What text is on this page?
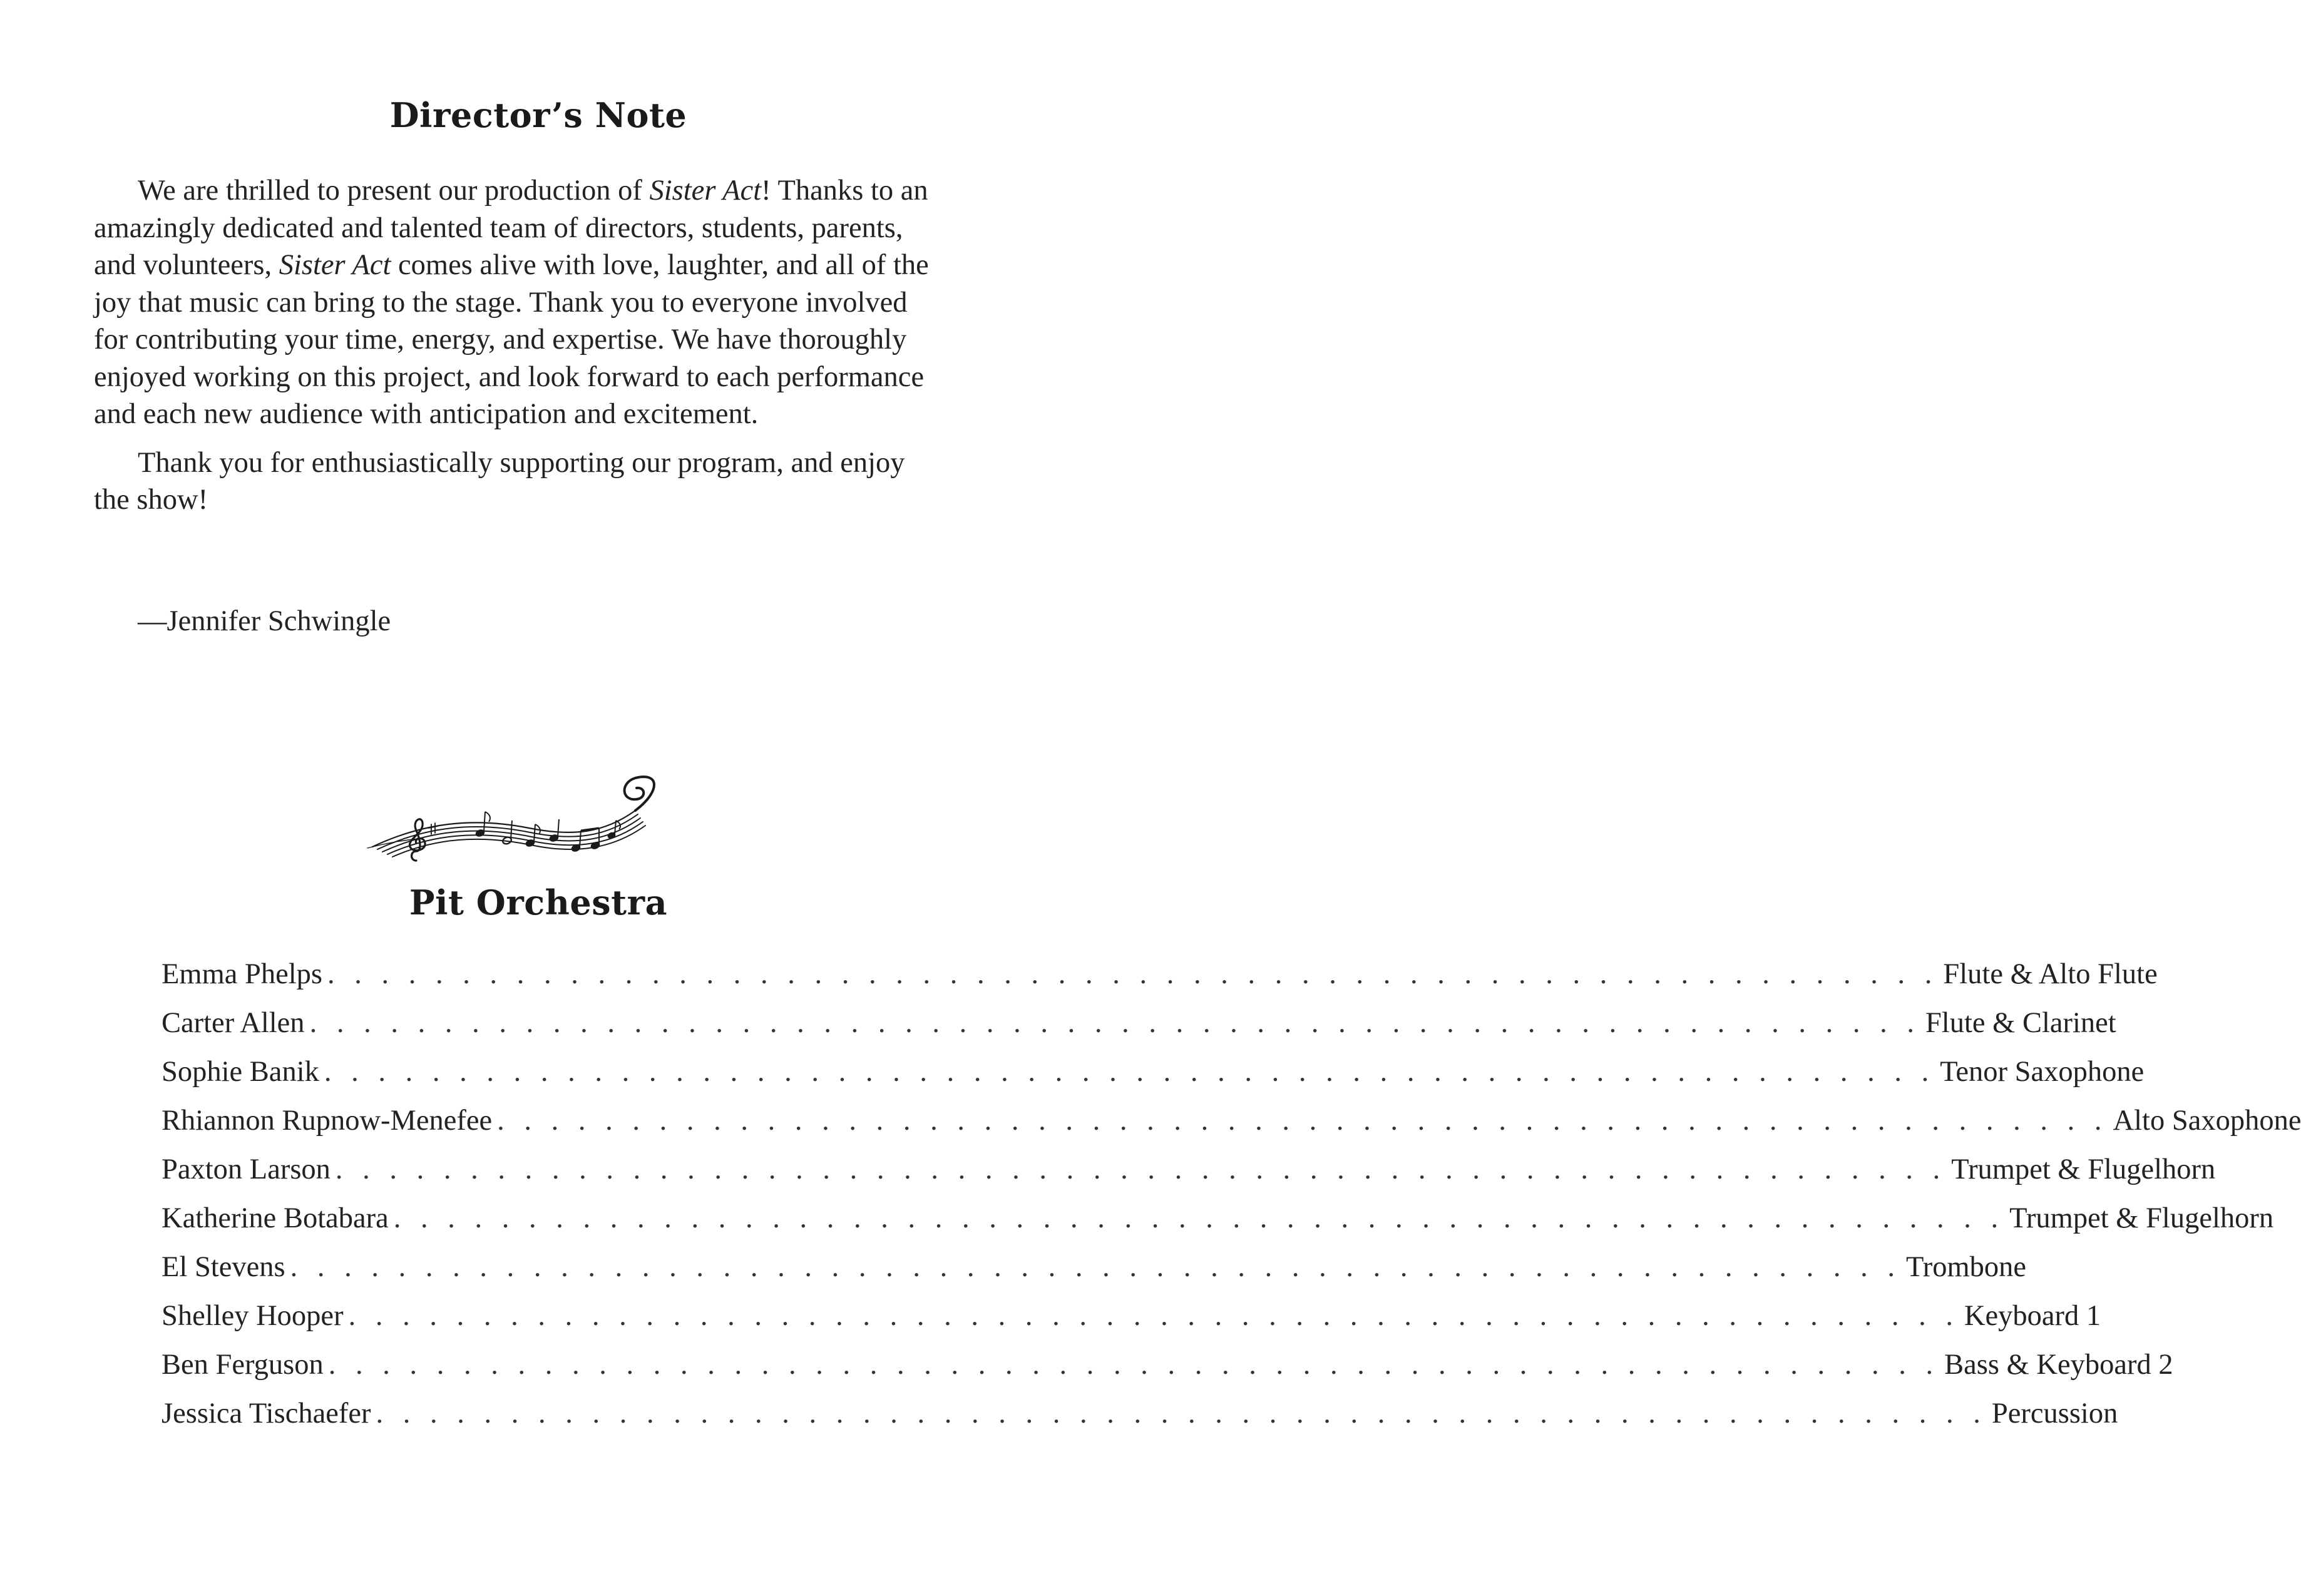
Director’s Note

We are thrilled to present our production of Sister Act! Thanks to an amazingly dedicated and talented team of directors, students, parents, and volunteers, Sister Act comes alive with love, laughter, and all of the joy that music can bring to the stage. Thank you to everyone involved for contributing your time, energy, and expertise. We have thoroughly enjoyed working on this project, and look forward to each performance and each new audience with anticipation and excitement.

Thank you for enthusiastically supporting our program, and enjoy the show!

—Jennifer Schwingle
Pit Orchestra
Emma Phelps . . . . . . . . . . . . . . . . . . . . . . . . . . . . . . . . . . . . . . . . . . . . . . . . . . . . . . . . . . . . Flute & Alto Flute
Carter Allen . . . . . . . . . . . . . . . . . . . . . . . . . . . . . . . . . . . . . . . . . . . . . . . . . . . . . . . . . . . . Flute & Clarinet
Sophie Banik . . . . . . . . . . . . . . . . . . . . . . . . . . . . . . . . . . . . . . . . . . . . . . . . . . . . . . . . . . . . Tenor Saxophone
Rhiannon Rupnow-Menefee . . . . . . . . . . . . . . . . . . . . . . . . . . . . . . . . . . . . . . . . . . . . . . . . . . . . . . . . . . . . Alto Saxophone
Paxton Larson . . . . . . . . . . . . . . . . . . . . . . . . . . . . . . . . . . . . . . . . . . . . . . . . . . . . . . . . . . . . Trumpet & Flugelhorn
Katherine Botabara . . . . . . . . . . . . . . . . . . . . . . . . . . . . . . . . . . . . . . . . . . . . . . . . . . . . . . . . . . . . Trumpet & Flugelhorn
El Stevens . . . . . . . . . . . . . . . . . . . . . . . . . . . . . . . . . . . . . . . . . . . . . . . . . . . . . . . . . . . . Trombone
Shelley Hooper . . . . . . . . . . . . . . . . . . . . . . . . . . . . . . . . . . . . . . . . . . . . . . . . . . . . . . . . . . . . Keyboard 1
Ben Ferguson . . . . . . . . . . . . . . . . . . . . . . . . . . . . . . . . . . . . . . . . . . . . . . . . . . . . . . . . . . . . Bass & Keyboard 2
Jessica Tischaefer . . . . . . . . . . . . . . . . . . . . . . . . . . . . . . . . . . . . . . . . . . . . . . . . . . . . . . . . . . . . Percussion
